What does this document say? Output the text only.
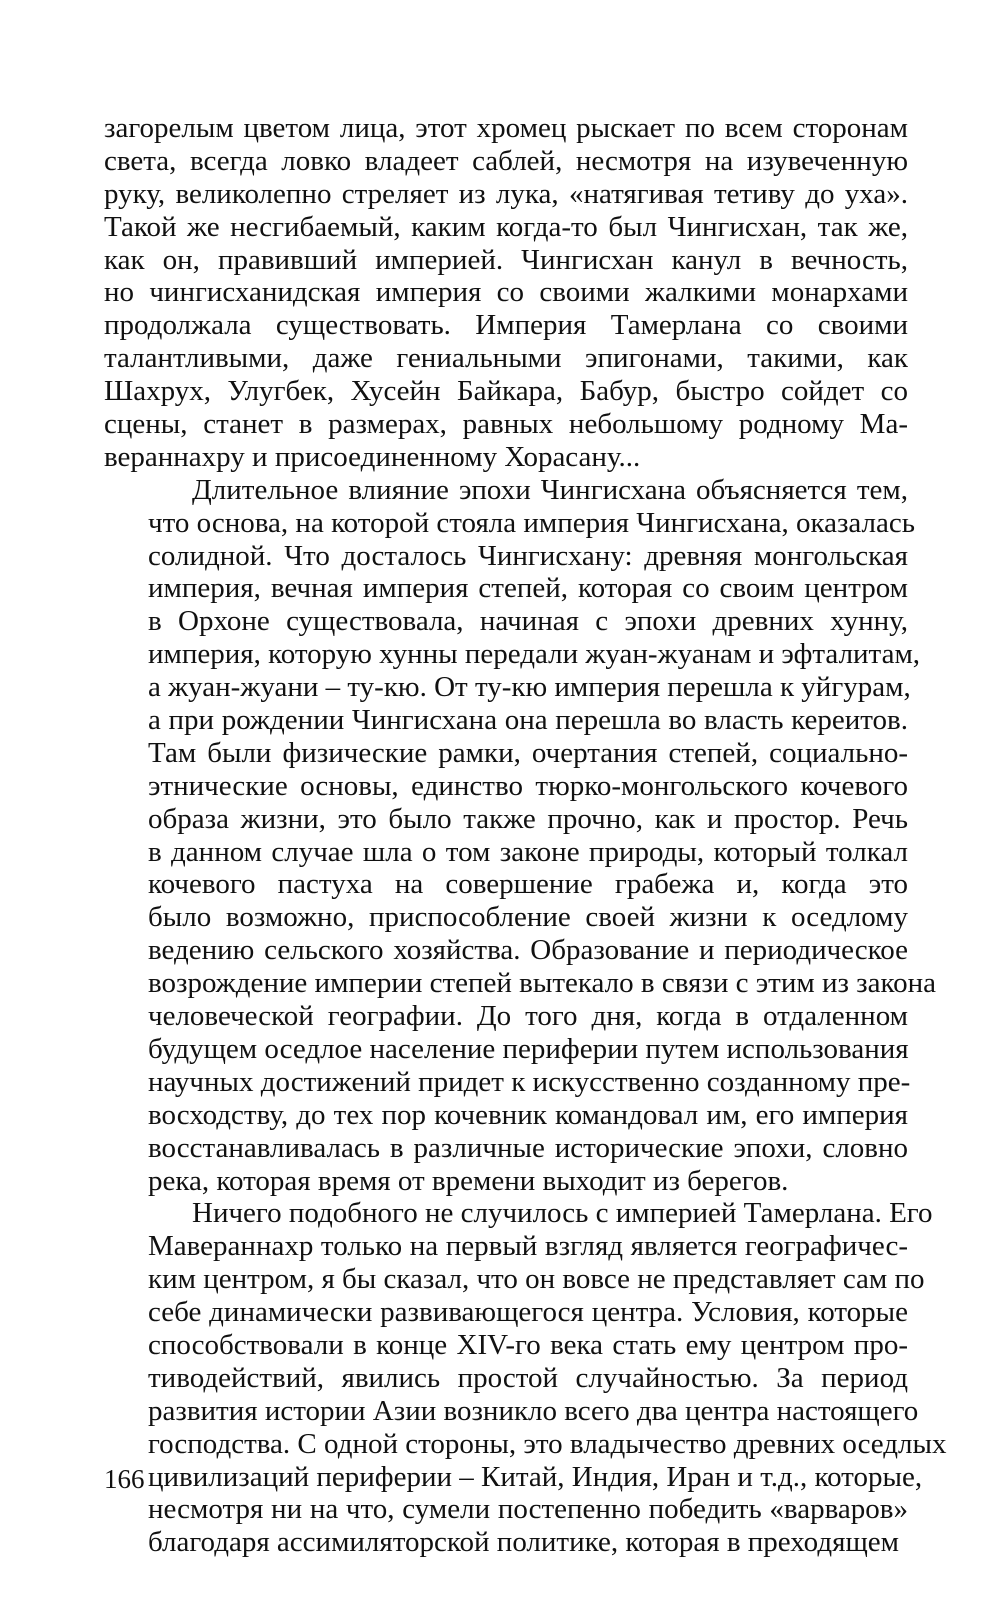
загорелым цветом лица, этот хромец рыскает по всем сторонам
света, всегда ловко владеет саблей, несмотря на изувеченную
руку, великолепно стреляет из лука, «натягивая тетиву до уха».
Такой же несгибаемый, каким когда-то был Чингисхан, так же,
как он, правивший империей. Чингисхан канул в вечность,
но чингисханидская империя со своими жалкими монархами
продолжала существовать. Империя Тамерлана со своими
талантливыми, даже гениальными эпигонами, такими, как
Шахрух, Улугбек, Хусейн Байкара, Бабур, быстро сойдет со
сцены, станет в размерах, равных небольшому родному Ма-
вераннахру и присоединенному Хорасану...
Длительное влияние эпохи Чингисхана объясняется тем,
что основа, на которой стояла империя Чингисхана, оказалась
солидной. Что досталось Чингисхану: древняя монгольская
империя, вечная империя степей, которая со своим центром
в Орхоне существовала, начиная с эпохи древних хунну,
империя, которую хунны передали жуан-жуанам и эфталитам,
а жуан-жуани – ту-кю. От ту-кю империя перешла к уйгурам,
а при рождении Чингисхана она перешла во власть кереитов.
Там были физические рамки, очертания степей, социально-
этнические основы, единство тюрко-монгольского кочевого
образа жизни, это было также прочно, как и простор. Речь
в данном случае шла о том законе природы, который толкал
кочевого пастуха на совершение грабежа и, когда это
было возможно, приспособление своей жизни к оседлому
ведению сельского хозяйства. Образование и периодическое
возрождение империи степей вытекало в связи с этим из закона
человеческой географии. До того дня, когда в отдаленном
будущем оседлое население периферии путем использования
научных достижений придет к искусственно созданному пре-
восходству, до тех пор кочевник командовал им, его империя
восстанавливалась в различные исторические эпохи, словно
река, которая время от времени выходит из берегов.
Ничего подобного не случилось с империей Тамерлана. Его
Мавераннахр только на первый взгляд является географичес-
ким центром, я бы сказал, что он вовсе не представляет сам по
себе динамически развивающегося центра. Условия, которые
способствовали в конце XIV-го века стать ему центром про-
тиводействий, явились простой случайностью. За период
развития истории Азии возникло всего два центра настоящего
господства. С одной стороны, это владычество древних оседлых
цивилизаций периферии – Китай, Индия, Иран и т.д., которые,
несмотря ни на что, сумели постепенно победить «варваров»
благодаря ассимиляторской политике, которая в преходящем
166
